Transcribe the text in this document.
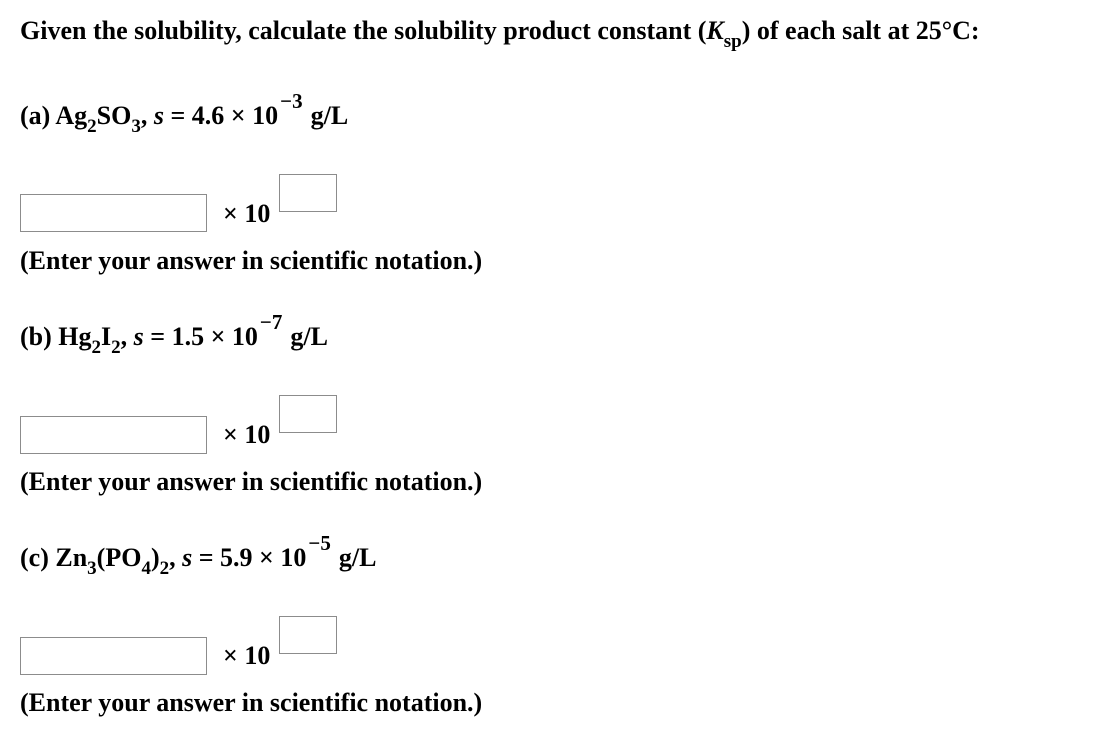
Given the solubility, calculate the solubility product constant $(K_{sp})$ of each salt at 25°C:
(a) $Ag_2SO_3$, $s = 4.6 \times 10^{-3}$ g/L
× 10
(Enter your answer in scientific notation.)
(b) $Hg_2I_2$, $s = 1.5 \times 10^{-7}$ g/L
× 10
(Enter your answer in scientific notation.)
(c) $Zn_3(PO_4)_2$, $s = 5.9 \times 10^{-5}$ g/L
× 10
(Enter your answer in scientific notation.)
